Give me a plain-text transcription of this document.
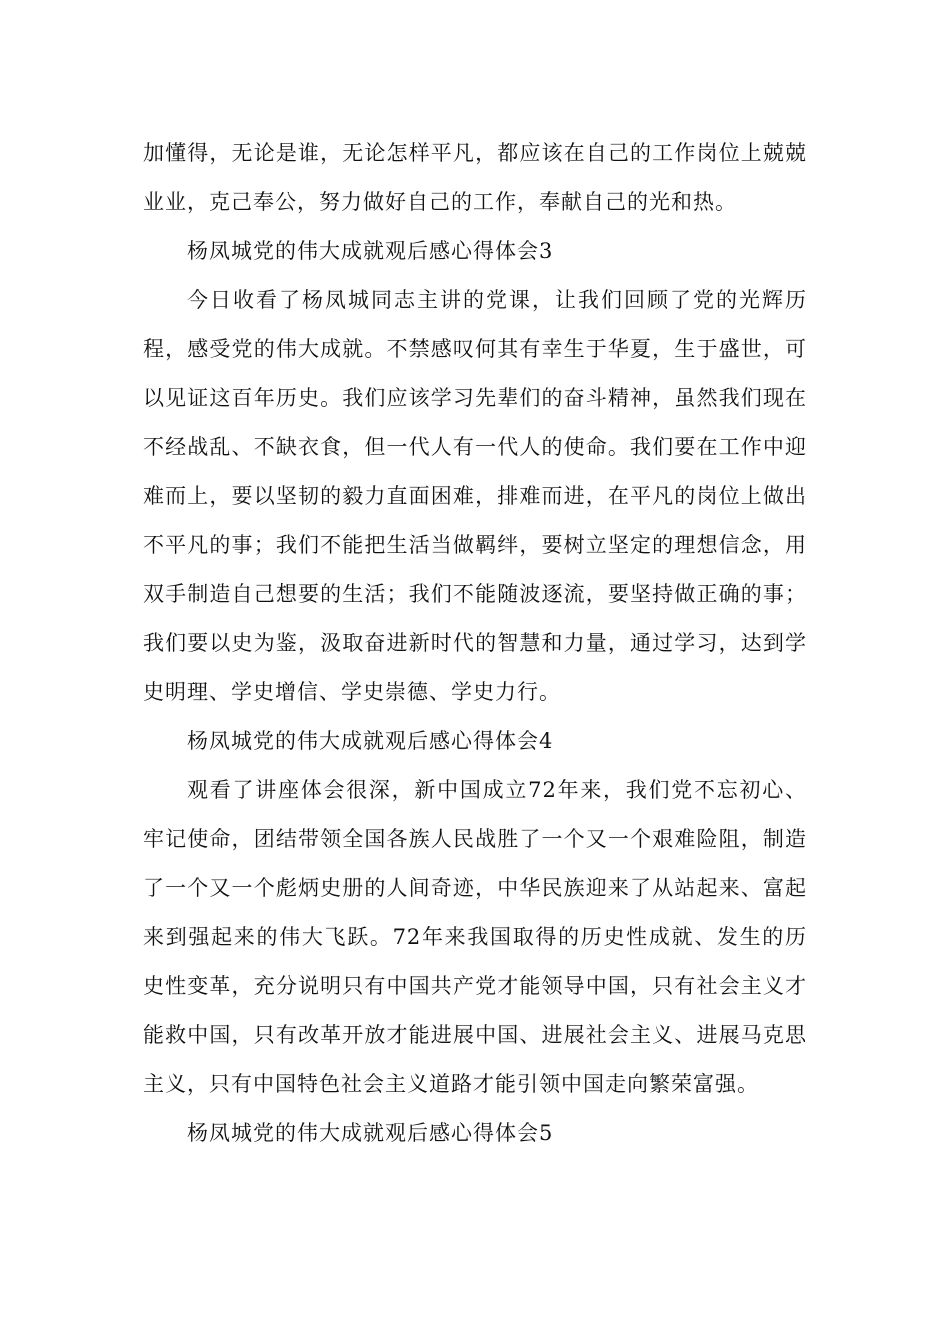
加懂得，无论是谁，无论怎样平凡，都应该在自己的工作岗位上兢兢业业，克己奉公，努力做好自己的工作，奉献自己的光和热。

杨凤城党的伟大成就观后感心得体会3

今日收看了杨凤城同志主讲的党课，让我们回顾了党的光辉历程，感受党的伟大成就。不禁感叹何其有幸生于华夏，生于盛世，可以见证这百年历史。我们应该学习先辈们的奋斗精神，虽然我们现在不经战乱、不缺衣食，但一代人有一代人的使命。我们要在工作中迎难而上，要以坚韧的毅力直面困难，排难而进，在平凡的岗位上做出不平凡的事；我们不能把生活当做羁绊，要树立坚定的理想信念，用双手制造自己想要的生活；我们不能随波逐流，要坚持做正确的事；我们要以史为鉴，汲取奋进新时代的智慧和力量，通过学习，达到学史明理、学史增信、学史崇德、学史力行。

杨凤城党的伟大成就观后感心得体会4

观看了讲座体会很深，新中国成立72年来，我们党不忘初心、牢记使命，团结带领全国各族人民战胜了一个又一个艰难险阻，制造了一个又一个彪炳史册的人间奇迹，中华民族迎来了从站起来、富起来到强起来的伟大飞跃。72年来我国取得的历史性成就、发生的历史性变革，充分说明只有中国共产党才能领导中国，只有社会主义才能救中国，只有改革开放才能进展中国、进展社会主义、进展马克思主义，只有中国特色社会主义道路才能引领中国走向繁荣富强。

杨凤城党的伟大成就观后感心得体会5
